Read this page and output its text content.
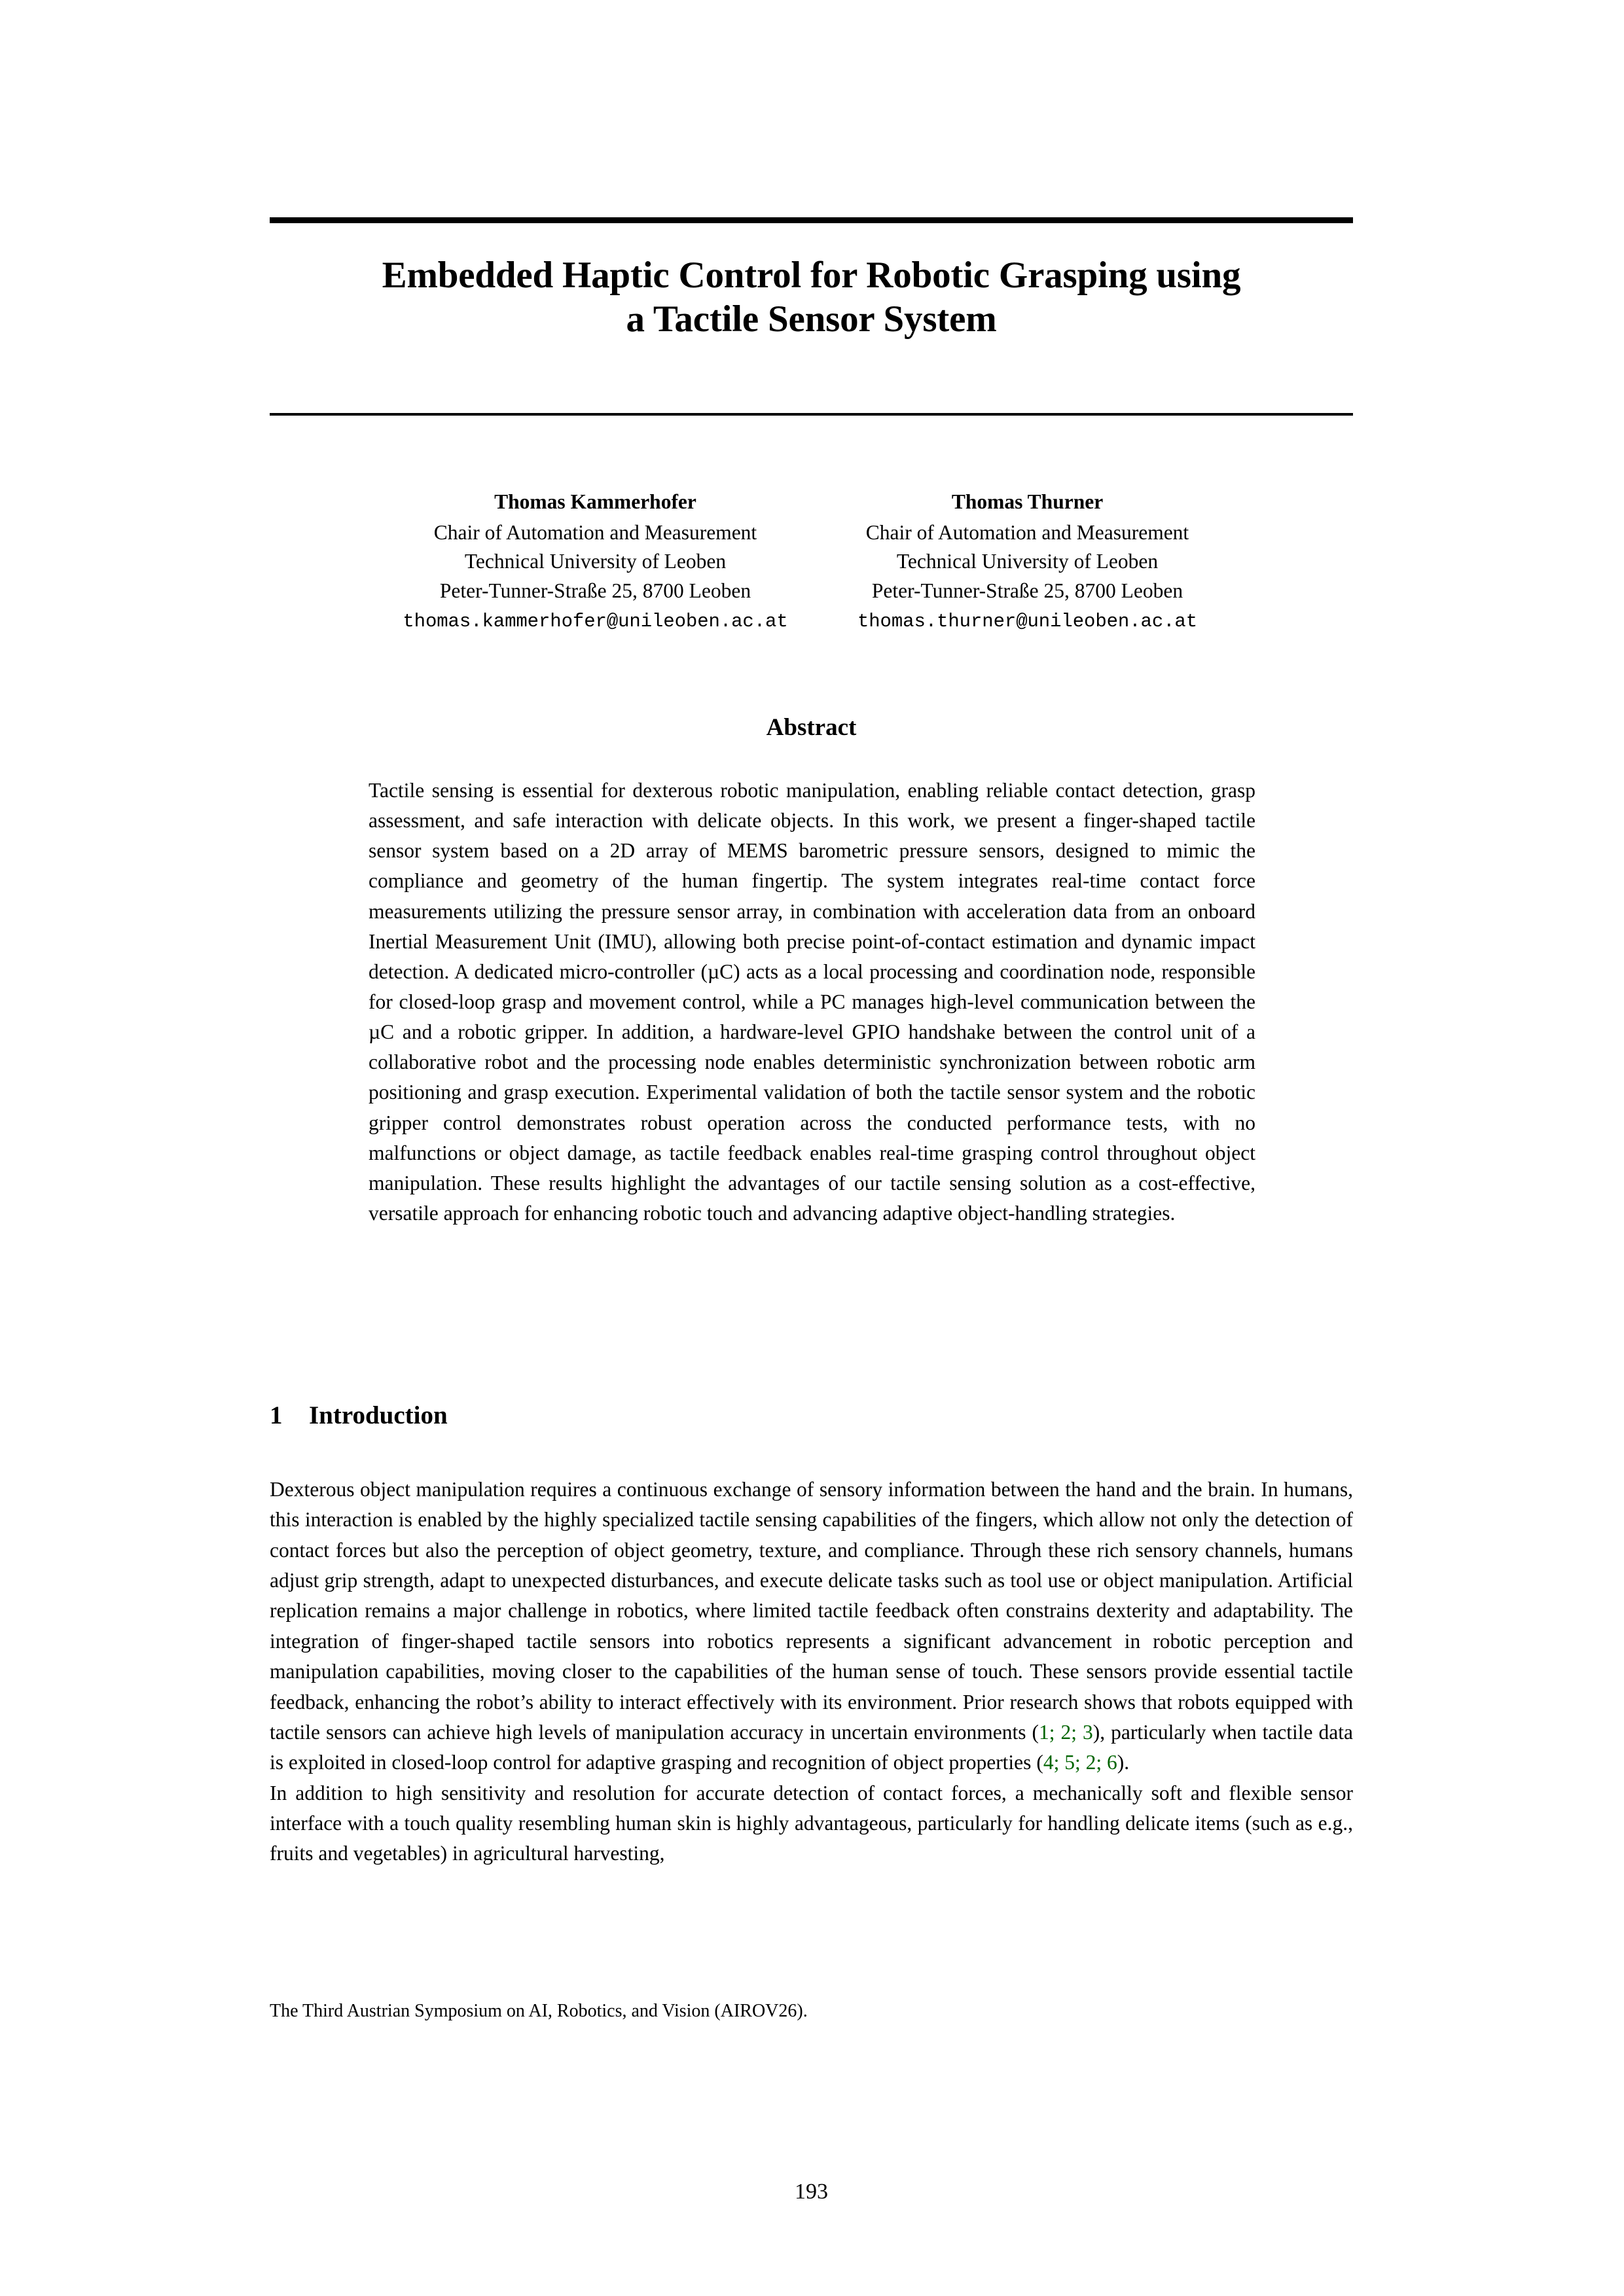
Embedded Haptic Control for Robotic Grasping using
a Tactile Sensor System
Thomas Kammerhofer
Chair of Automation and Measurement
Technical University of Leoben
Peter-Tunner-Straße 25, 8700 Leoben
thomas.kammerhofer@unileoben.ac.at
Thomas Thurner
Chair of Automation and Measurement
Technical University of Leoben
Peter-Tunner-Straße 25, 8700 Leoben
thomas.thurner@unileoben.ac.at
Abstract
Tactile sensing is essential for dexterous robotic manipulation, enabling reliable contact detection, grasp assessment, and safe interaction with delicate objects. In this work, we present a finger-shaped tactile sensor system based on a 2D array of MEMS barometric pressure sensors, designed to mimic the compliance and geometry of the human fingertip. The system integrates real-time contact force measurements utilizing the pressure sensor array, in combination with acceleration data from an onboard Inertial Measurement Unit (IMU), allowing both precise point-of-contact estimation and dynamic impact detection. A dedicated micro-controller (µC) acts as a local processing and coordination node, responsible for closed-loop grasp and movement control, while a PC manages high-level communication between the µC and a robotic gripper. In addition, a hardware-level GPIO handshake between the control unit of a collaborative robot and the processing node enables deterministic synchronization between robotic arm positioning and grasp execution. Experimental validation of both the tactile sensor system and the robotic gripper control demonstrates robust operation across the conducted performance tests, with no malfunctions or object damage, as tactile feedback enables real-time grasping control throughout object manipulation. These results highlight the advantages of our tactile sensing solution as a cost-effective, versatile approach for enhancing robotic touch and advancing adaptive object-handling strategies.
1 Introduction

Dexterous object manipulation requires a continuous exchange of sensory information between the hand and the brain. In humans, this interaction is enabled by the highly specialized tactile sensing capabilities of the fingers, which allow not only the detection of contact forces but also the perception of object geometry, texture, and compliance. Through these rich sensory channels, humans adjust grip strength, adapt to unexpected disturbances, and execute delicate tasks such as tool use or object manipulation. Artificial replication remains a major challenge in robotics, where limited tactile feedback often constrains dexterity and adaptability. The integration of finger-shaped tactile sensors into robotics represents a significant advancement in robotic perception and manipulation capabilities, moving closer to the capabilities of the human sense of touch. These sensors provide essential tactile feedback, enhancing the robot’s ability to interact effectively with its environment. Prior research shows that robots equipped with tactile sensors can achieve high levels of manipulation accuracy in uncertain environments (1; 2; 3), particularly when tactile data is exploited in closed-loop control for adaptive grasping and recognition of object properties (4; 5; 2; 6).

In addition to high sensitivity and resolution for accurate detection of contact forces, a mechanically soft and flexible sensor interface with a touch quality resembling human skin is highly advantageous, particularly for handling delicate items (such as e.g., fruits and vegetables) in agricultural harvesting,

The Third Austrian Symposium on AI, Robotics, and Vision (AIROV26).
193
